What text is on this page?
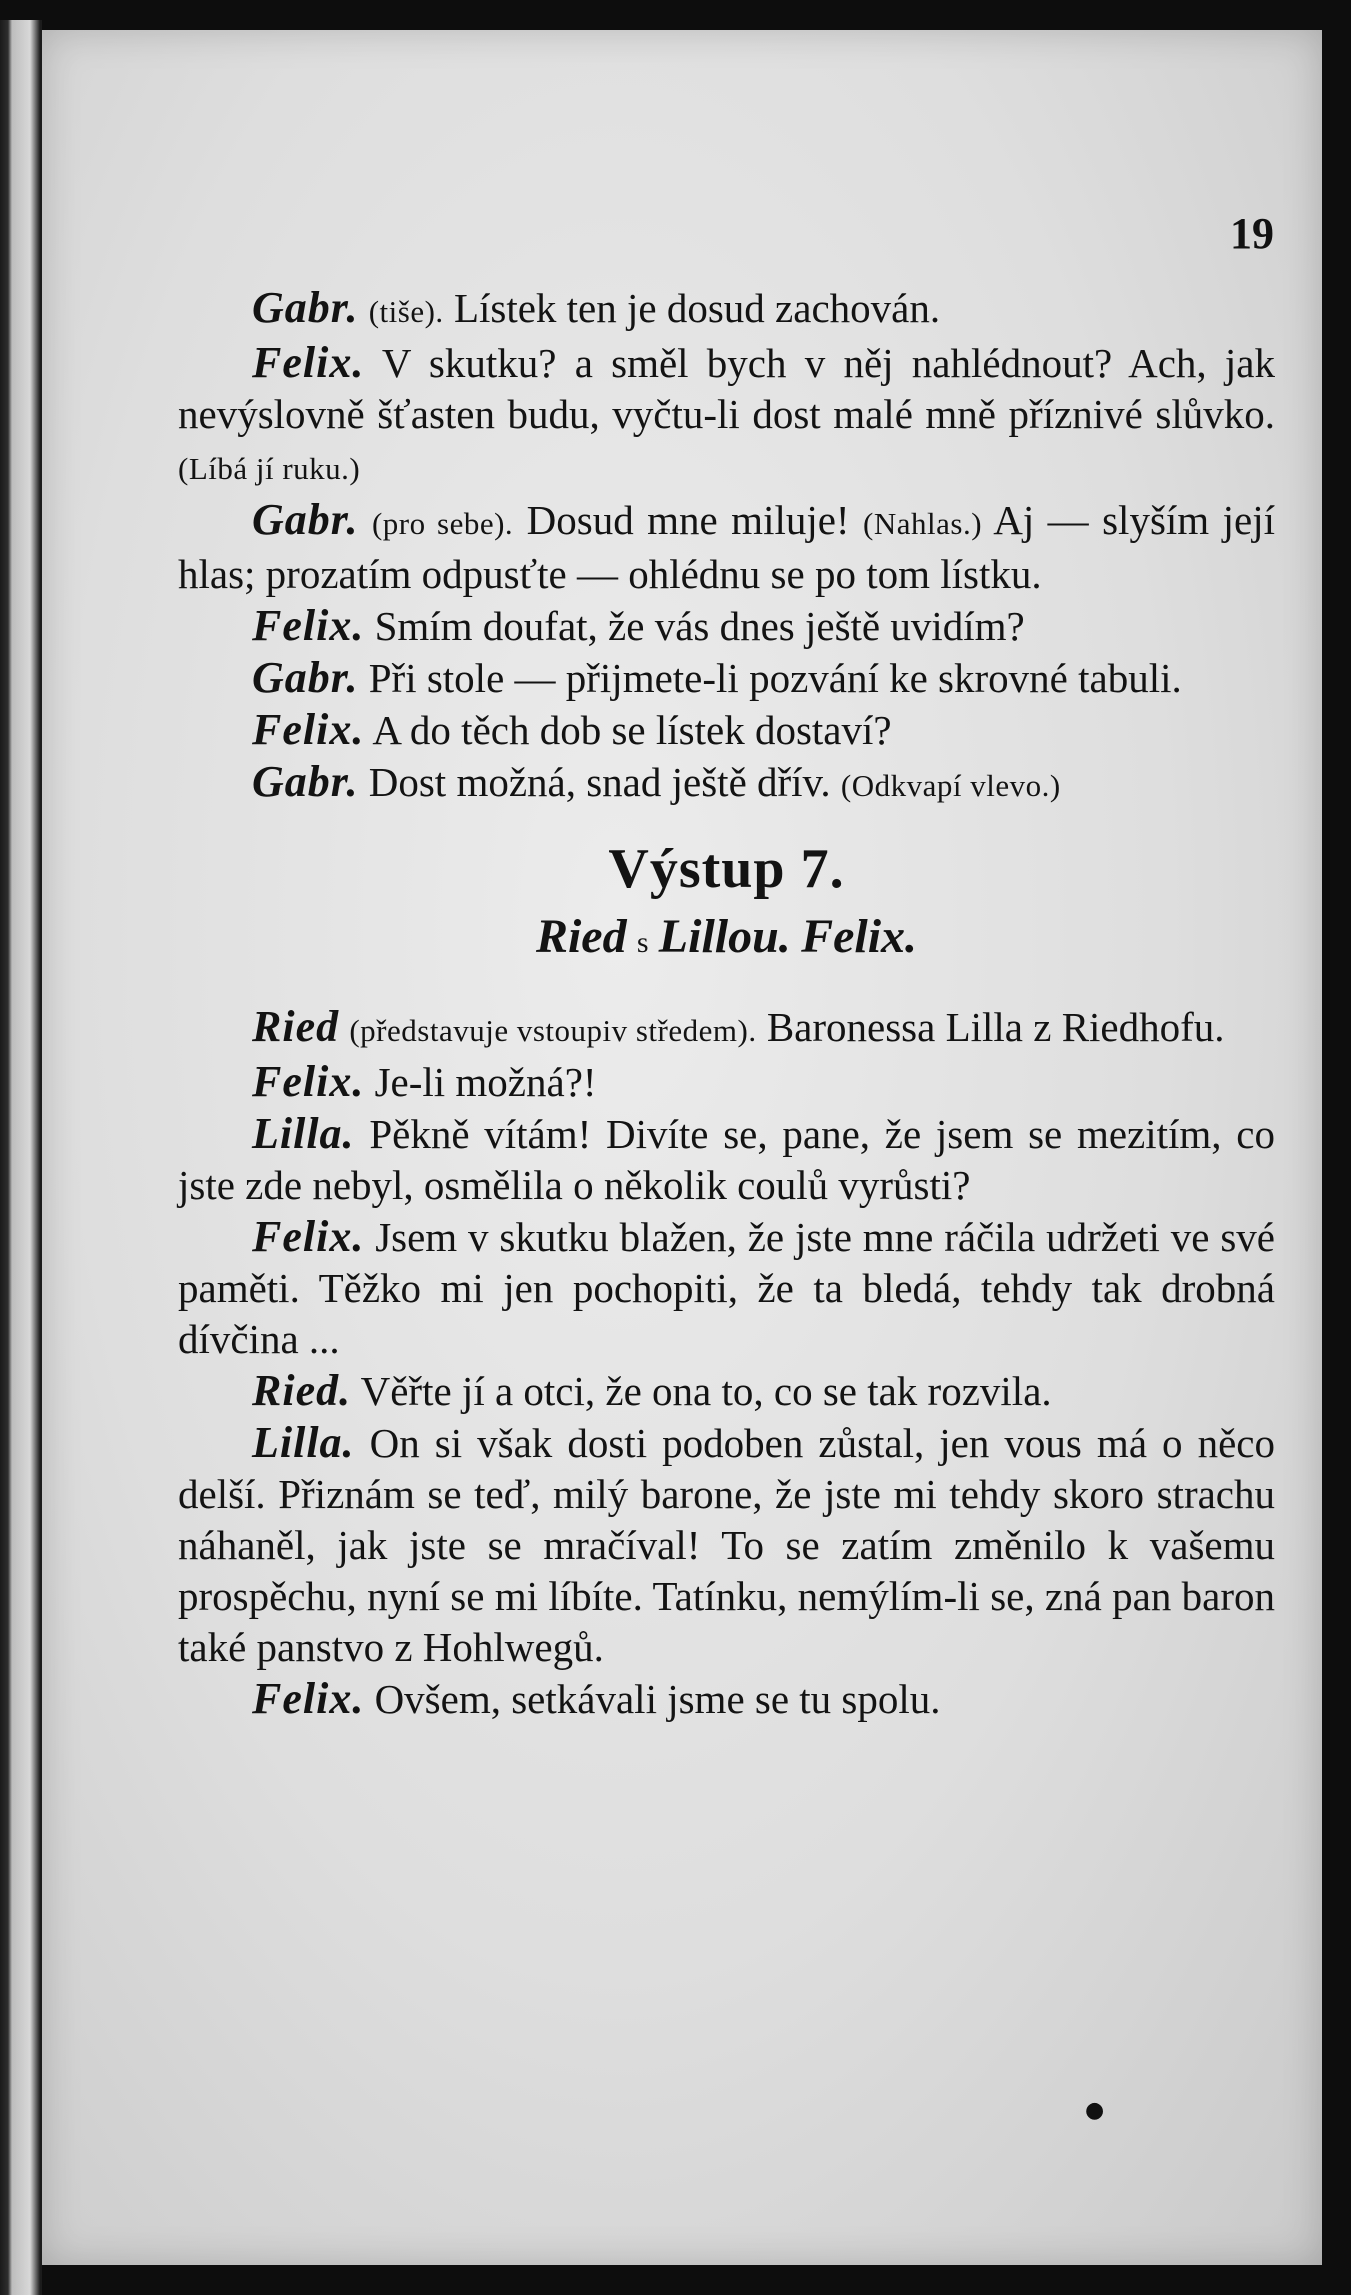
19

Gabr. (tiše). Lístek ten je dosud zachován.

Felix. V skutku? a směl bych v něj nahlédnout? Ach, jak nevýslovně šťasten budu, vyčtu-li dost malé mně příznivé slůvko. (Líbá jí ruku.)

Gabr. (pro sebe). Dosud mne miluje! (Nahlas.) Aj — slyším její hlas; prozatím odpusťte — ohlédnu se po tom lístku.

Felix. Smím doufat, že vás dnes ještě uvidím?

Gabr. Při stole — přijmete-li pozvání ke skrovné tabuli.

Felix. A do těch dob se lístek dostaví?

Gabr. Dost možná, snad ještě dřív. (Odkvapí vlevo.)

Výstup 7.
Ried s Lillou. Felix.

Ried (představuje vstoupiv středem). Baronessa Lilla z Riedhofu.

Felix. Je-li možná?!

Lilla. Pěkně vítám! Divíte se, pane, že jsem se mezitím, co jste zde nebyl, osmělila o několik coulů vyrůsti?

Felix. Jsem v skutku blažen, že jste mne ráčila udržeti ve své paměti. Těžko mi jen pochopiti, že ta bledá, tehdy tak drobná dívčina ...

Ried. Věřte jí a otci, že ona to, co se tak rozvila.

Lilla. On si však dosti podoben zůstal, jen vous má o něco delší. Přiznám se teď, milý barone, že jste mi tehdy skoro strachu náhaněl, jak jste se mračíval! To se zatím změnilo k vašemu prospěchu, nyní se mi líbíte. Tatínku, nemýlím-li se, zná pan baron také panstvo z Hohlwegů.

Felix. Ovšem, setkávali jsme se tu spolu.

●
